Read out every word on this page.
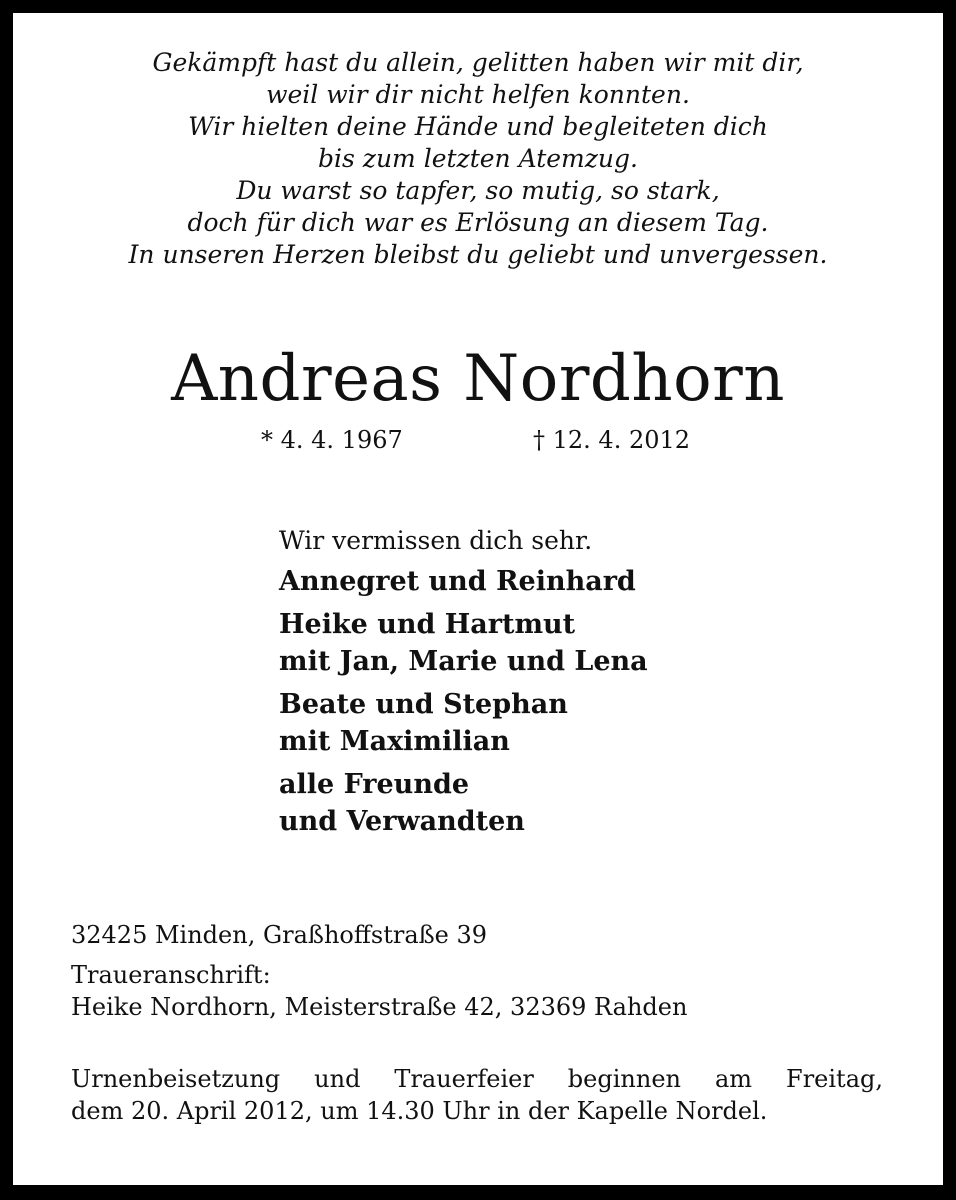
Gekämpft hast du allein, gelitten haben wir mit dir,
weil wir dir nicht helfen konnten.
Wir hielten deine Hände und begleiteten dich
bis zum letzten Atemzug.
Du warst so tapfer, so mutig, so stark,
doch für dich war es Erlösung an diesem Tag.
In unseren Herzen bleibst du geliebt und unvergessen.

Andreas Nordhorn
* 4. 4. 1967	† 12. 4. 2012
Wir vermissen dich sehr.
Annegret und Reinhard
Heike und Hartmut
mit Jan, Marie und Lena
Beate und Stephan
mit Maximilian
alle Freunde
und Verwandten
32425 Minden, Graßhoffstraße 39
Traueranschrift:
Heike Nordhorn, Meisterstraße 42, 32369 Rahden
Urnenbeisetzung und Trauerfeier beginnen am Freitag,
dem 20. April 2012, um 14.30 Uhr in der Kapelle Nordel.
